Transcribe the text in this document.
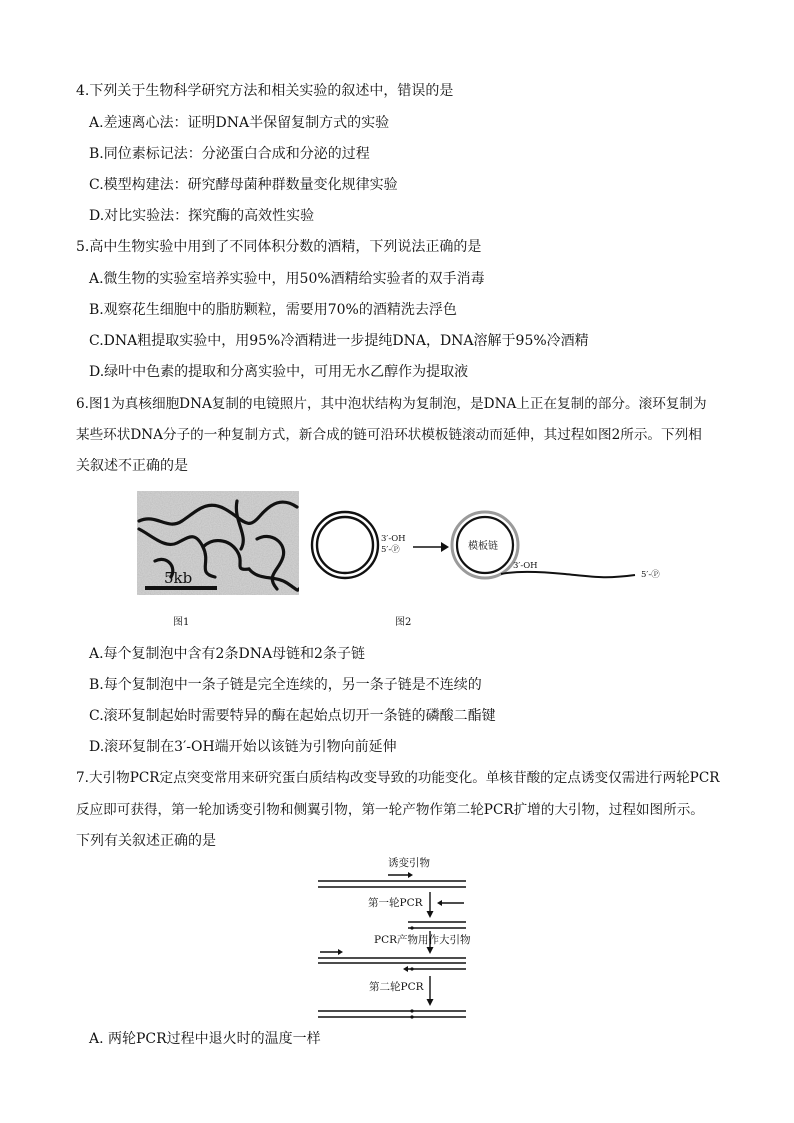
4.下列关于生物科学研究方法和相关实验的叙述中，错误的是
A.差速离心法：证明DNA半保留复制方式的实验
B.同位素标记法：分泌蛋白合成和分泌的过程
C.模型构建法：研究酵母菌种群数量变化规律实验
D.对比实验法：探究酶的高效性实验
5.高中生物实验中用到了不同体积分数的酒精，下列说法正确的是
A.微生物的实验室培养实验中，用50%酒精给实验者的双手消毒
B.观察花生细胞中的脂肪颗粒，需要用70%的酒精洗去浮色
C.DNA粗提取实验中，用95%冷酒精进一步提纯DNA，DNA溶解于95%冷酒精
D.绿叶中色素的提取和分离实验中，可用无水乙醇作为提取液
6.图1为真核细胞DNA复制的电镜照片，其中泡状结构为复制泡，是DNA上正在复制的部分。滚环复制为
某些环状DNA分子的一种复制方式，新合成的链可沿环状模板链滚动而延伸，其过程如图2所示。下列相
关叙述不正确的是
5kb
3′-OH
5′-Ⓟ	模板链
3′-OH
5′-Ⓟ
图1	图2
A.每个复制泡中含有2条DNA母链和2条子链
B.每个复制泡中一条子链是完全连续的，另一条子链是不连续的
C.滚环复制起始时需要特异的酶在起始点切开一条链的磷酸二酯键
D.滚环复制在3′-OH端开始以该链为引物向前延伸
7.大引物PCR定点突变常用来研究蛋白质结构改变导致的功能变化。单核苷酸的定点诱变仅需进行两轮PCR
反应即可获得，第一轮加诱变引物和侧翼引物，第一轮产物作第二轮PCR扩增的大引物，过程如图所示。
下列有关叙述正确的是
诱变引物
第一轮PCR
PCR产物用作大引物
第二轮PCR
A. 两轮PCR过程中退火时的温度一样
